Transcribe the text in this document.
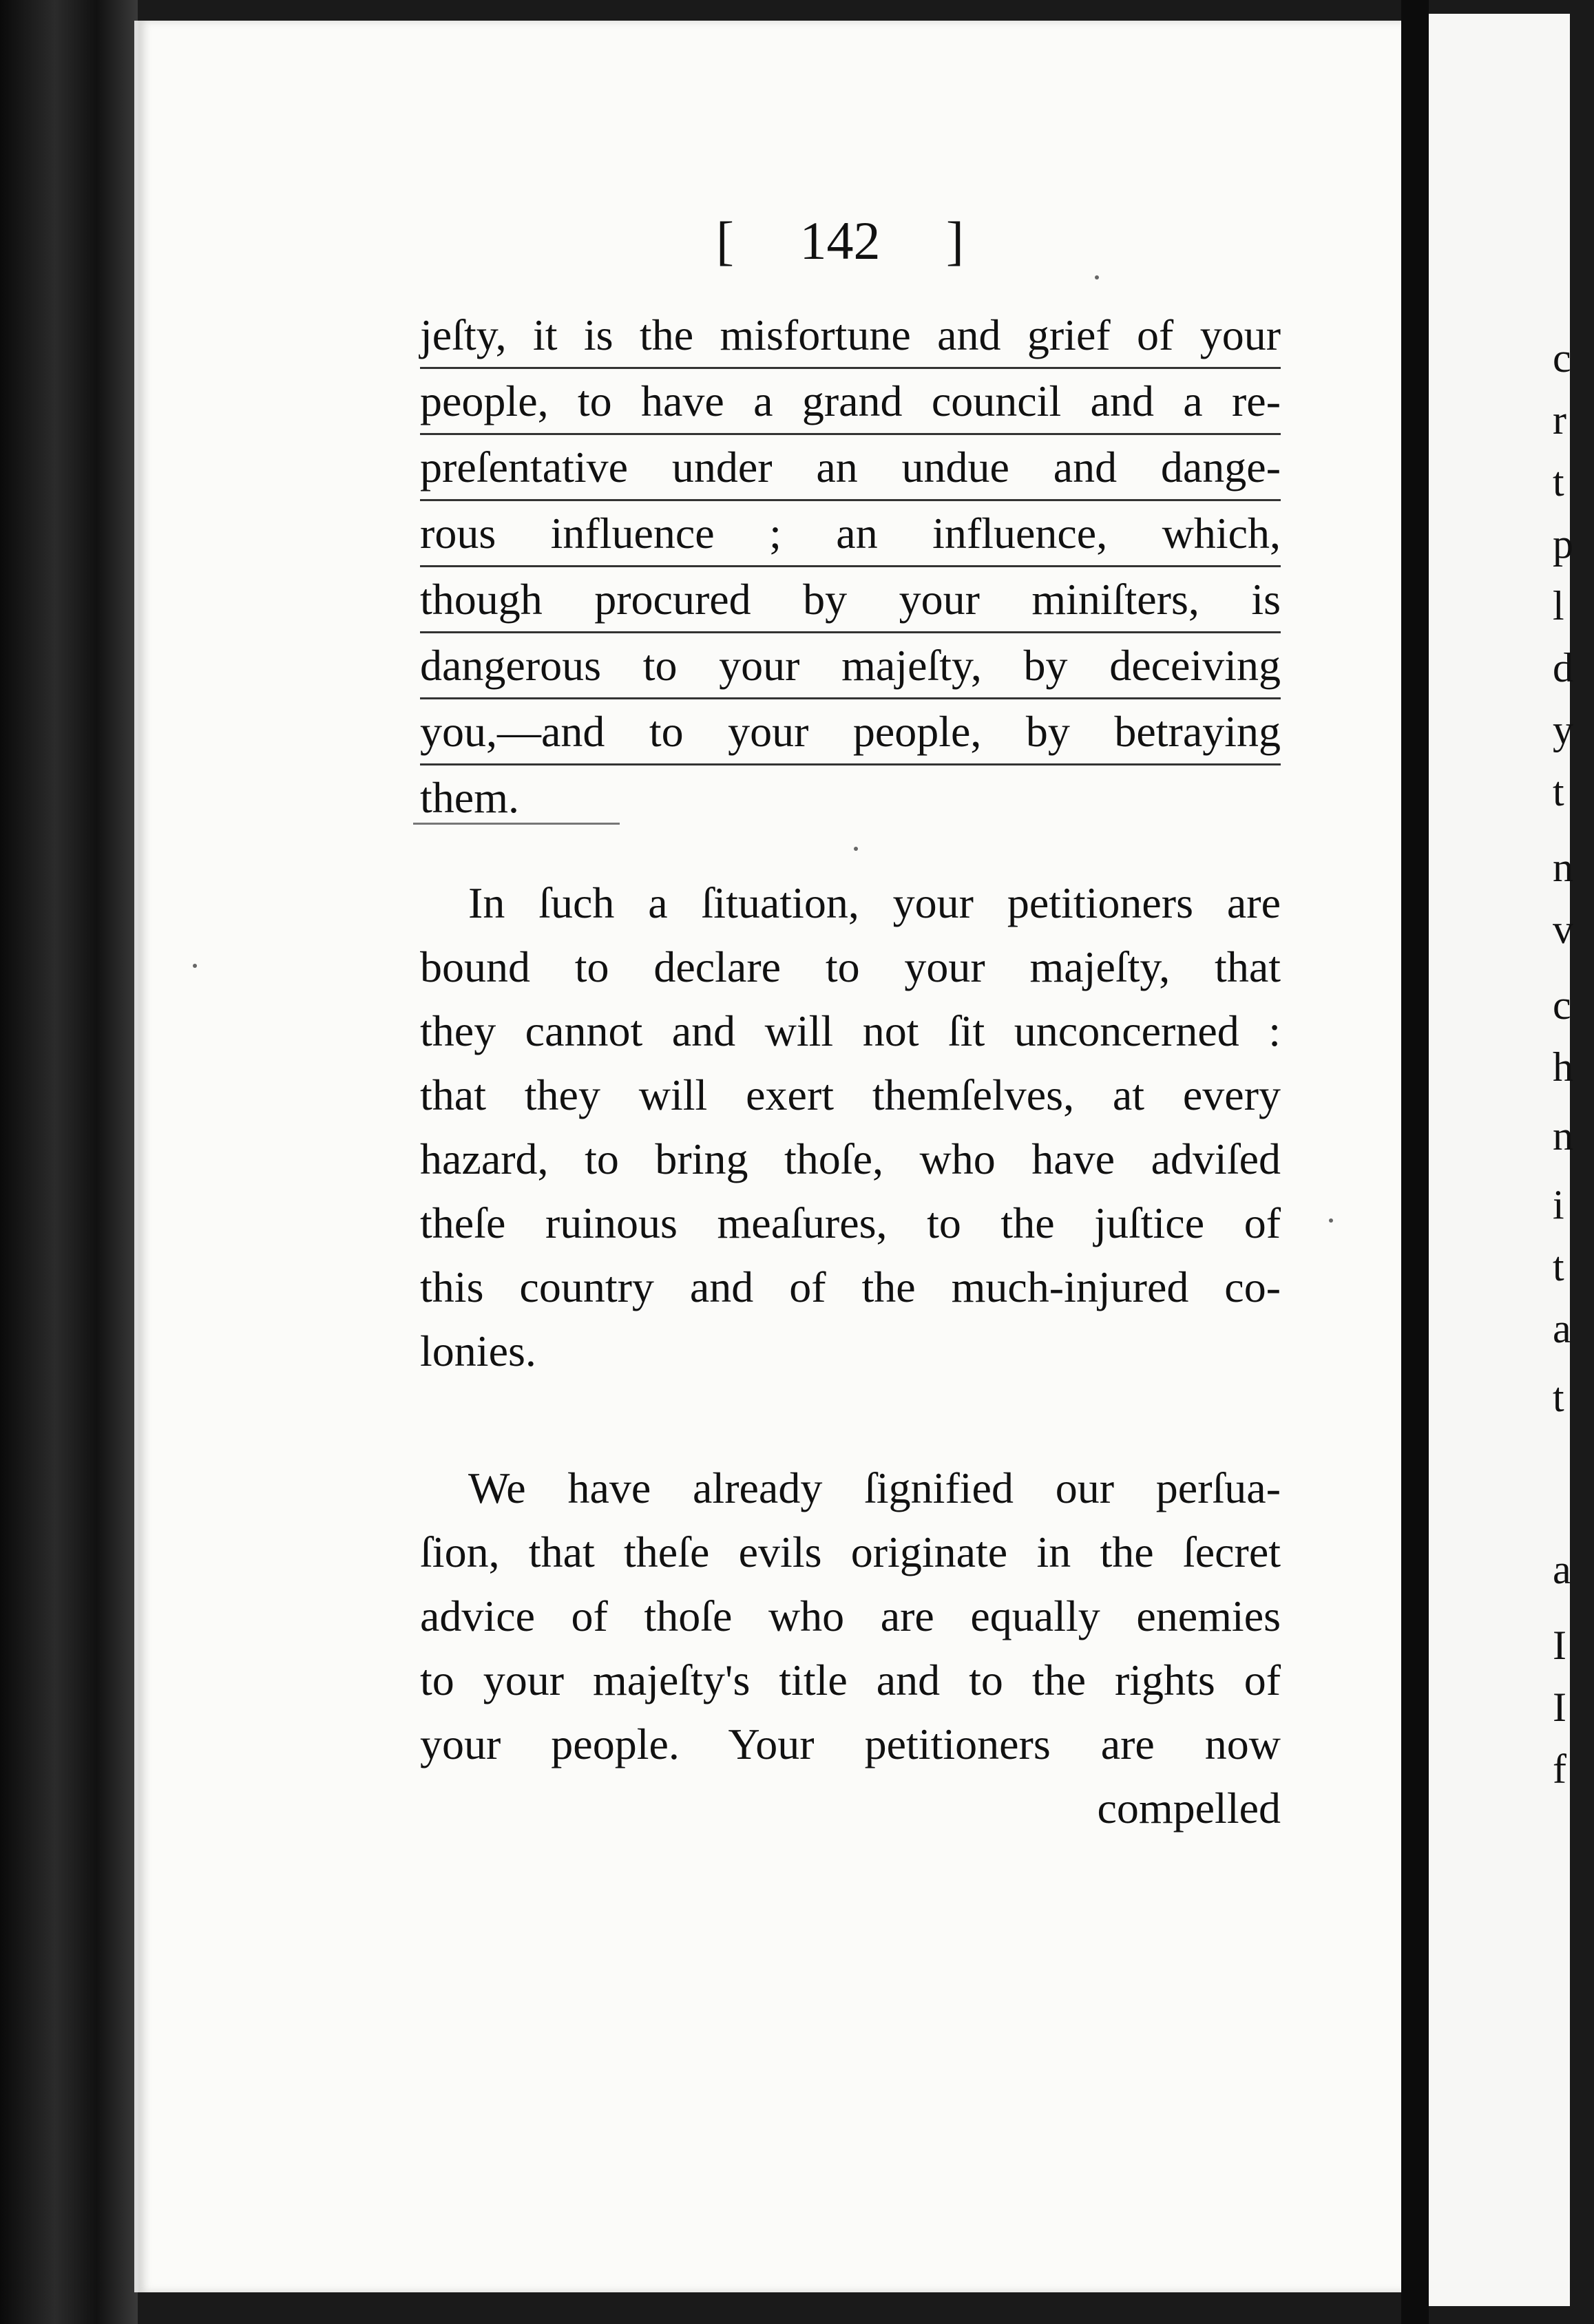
[ 142 ]
jeſty, it is the misfortune and grief of your
people, to have a grand council and a re-
preſentative under an undue and dange-
rous influence ; an influence, which,
though procured by your miniſters, is
dangerous to your majeſty, by deceiving
you,—and to your people, by betraying
them.
In ſuch a ſituation, your petitioners are
bound to declare to your majeſty, that
they cannot and will not ſit unconcerned :
that they will exert themſelves, at every
hazard, to bring thoſe, who have adviſed
theſe ruinous meaſures, to the juſtice of
this country and of the much-injured co-
lonies.
We have already ſignified our perſua-
ſion, that theſe evils originate in the ſecret
advice of thoſe who are equally enemies
to your majeſty's title and to the rights of
your people. Your petitioners are now
compelled
c
r
t
p
l
d
y
t
n
v
c
h
n
i
t
a
t
a
I
I
f
